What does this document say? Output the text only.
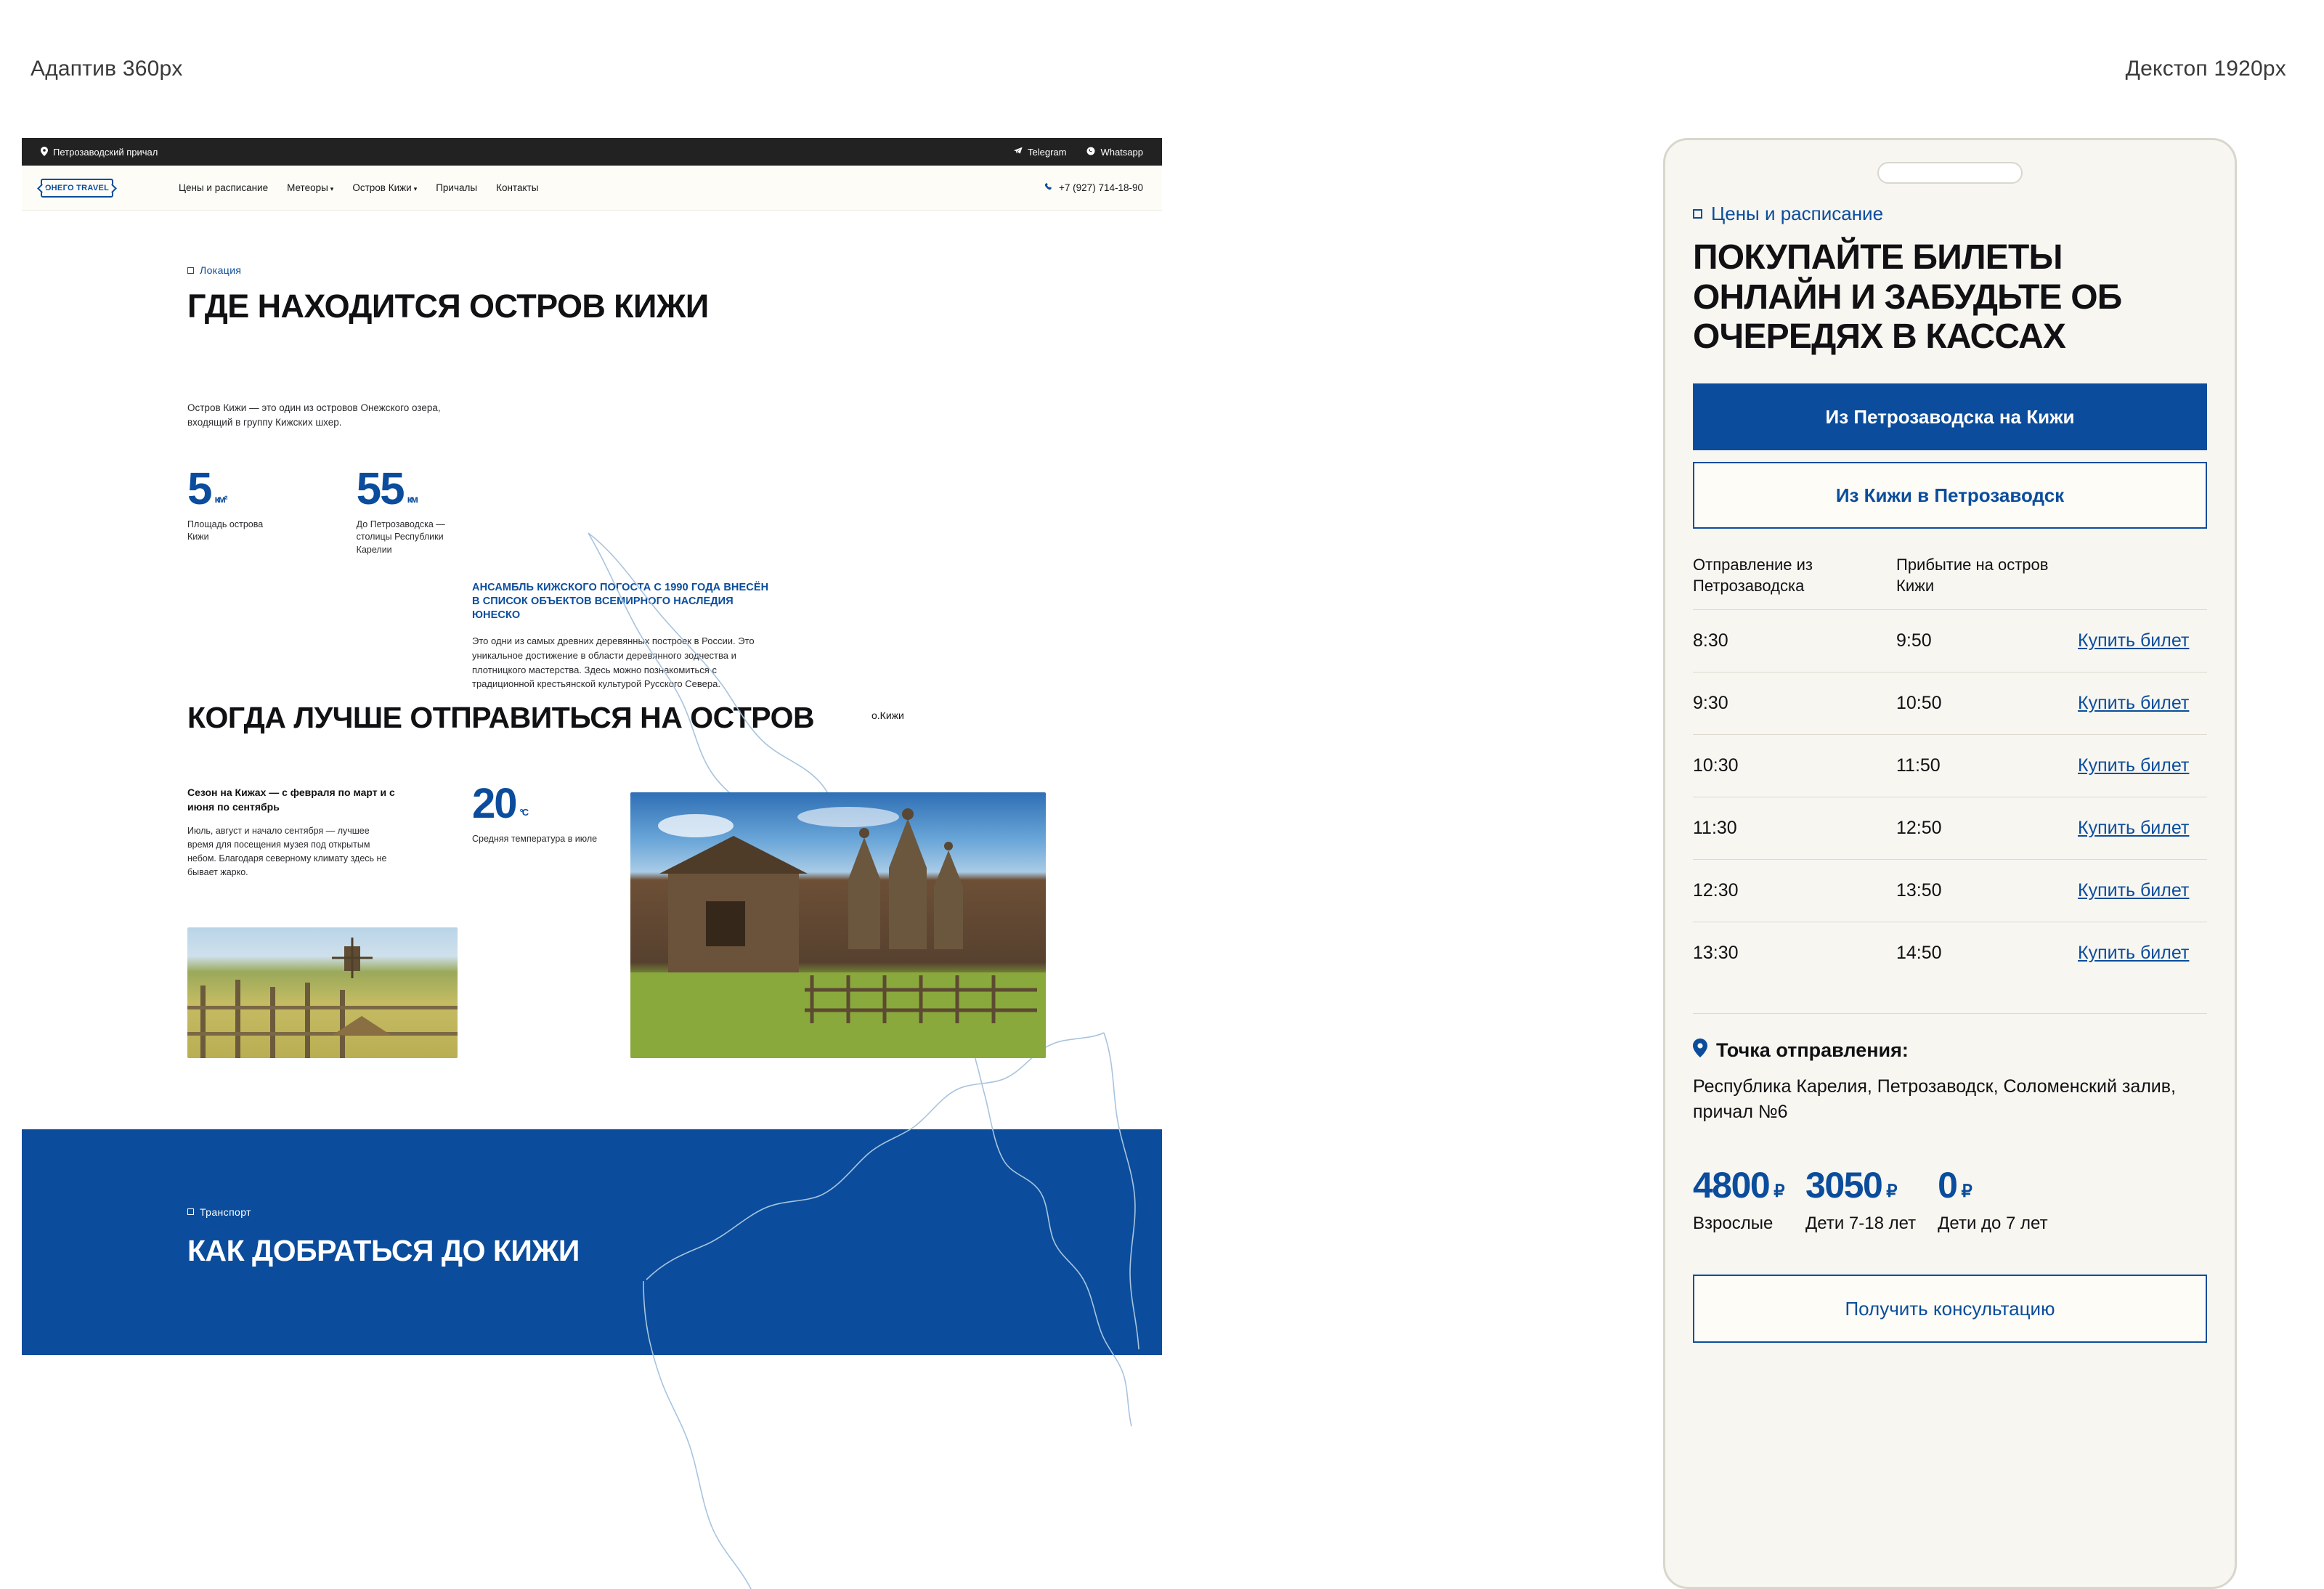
Адаптив 360px	Декстоп 1920px
Петрозаводский причал	Telegram	Whatsapp
ОНЕГО TRAVEL	Цены и расписание Метеоры ▾ Остров Кижи ▾ Причалы Контакты	+7 (927) 714-18-90
Локация
ГДЕ НАХОДИТСЯ ОСТРОВ КИЖИ
Остров Кижи — это один из островов Онежского озера, входящий в группу Кижских шхер.
5 км²
Площадь острова Кижи
55 км
До Петрозаводска — столицы Республики Карелии
АНСАМБЛЬ КИЖСКОГО ПОГОСТА С 1990 ГОДА ВНЕСЁН В СПИСОК ОБЪЕКТОВ ВСЕМИРНОГО НАСЛЕДИЯ ЮНЕСКО
Это одни из самых древних деревянных построек в России. Это уникальное достижение в области деревянного зодчества и плотницкого мастерства. Здесь можно познакомиться с традиционной крестьянской культурой Русского Севера.
о.Кижи
КОГДА ЛУЧШЕ ОТПРАВИТЬСЯ НА ОСТРОВ
Сезон на Кижах — с февраля по март и с июня по сентябрь
Июль, август и начало сентября — лучшее время для посещения музея под открытым небом. Благодаря северному климату здесь не бывает жарко.
20 °С
Средняя температура в июле
Транспорт
КАК ДОБРАТЬСЯ ДО КИЖИ
Цены и расписание
ПОКУПАЙТЕ БИЛЕТЫ ОНЛАЙН И ЗАБУДЬТЕ ОБ ОЧЕРЕДЯХ В КАССАХ
Из Петрозаводска на Кижи
Из Кижи в Петрозаводск
Отправление из Петрозаводска
Прибытие на остров Кижи
8:30	9:50	Купить билет
9:30	10:50	Купить билет
10:30	11:50	Купить билет
11:30	12:50	Купить билет
12:30	13:50	Купить билет
13:30	14:50	Купить билет
Точка отправления:
Республика Карелия, Петрозаводск, Соломенский залив, причал №6
4800 ₽
Взрослые
3050 ₽
Дети 7-18 лет
0 ₽
Дети до 7 лет
Получить консультацию
